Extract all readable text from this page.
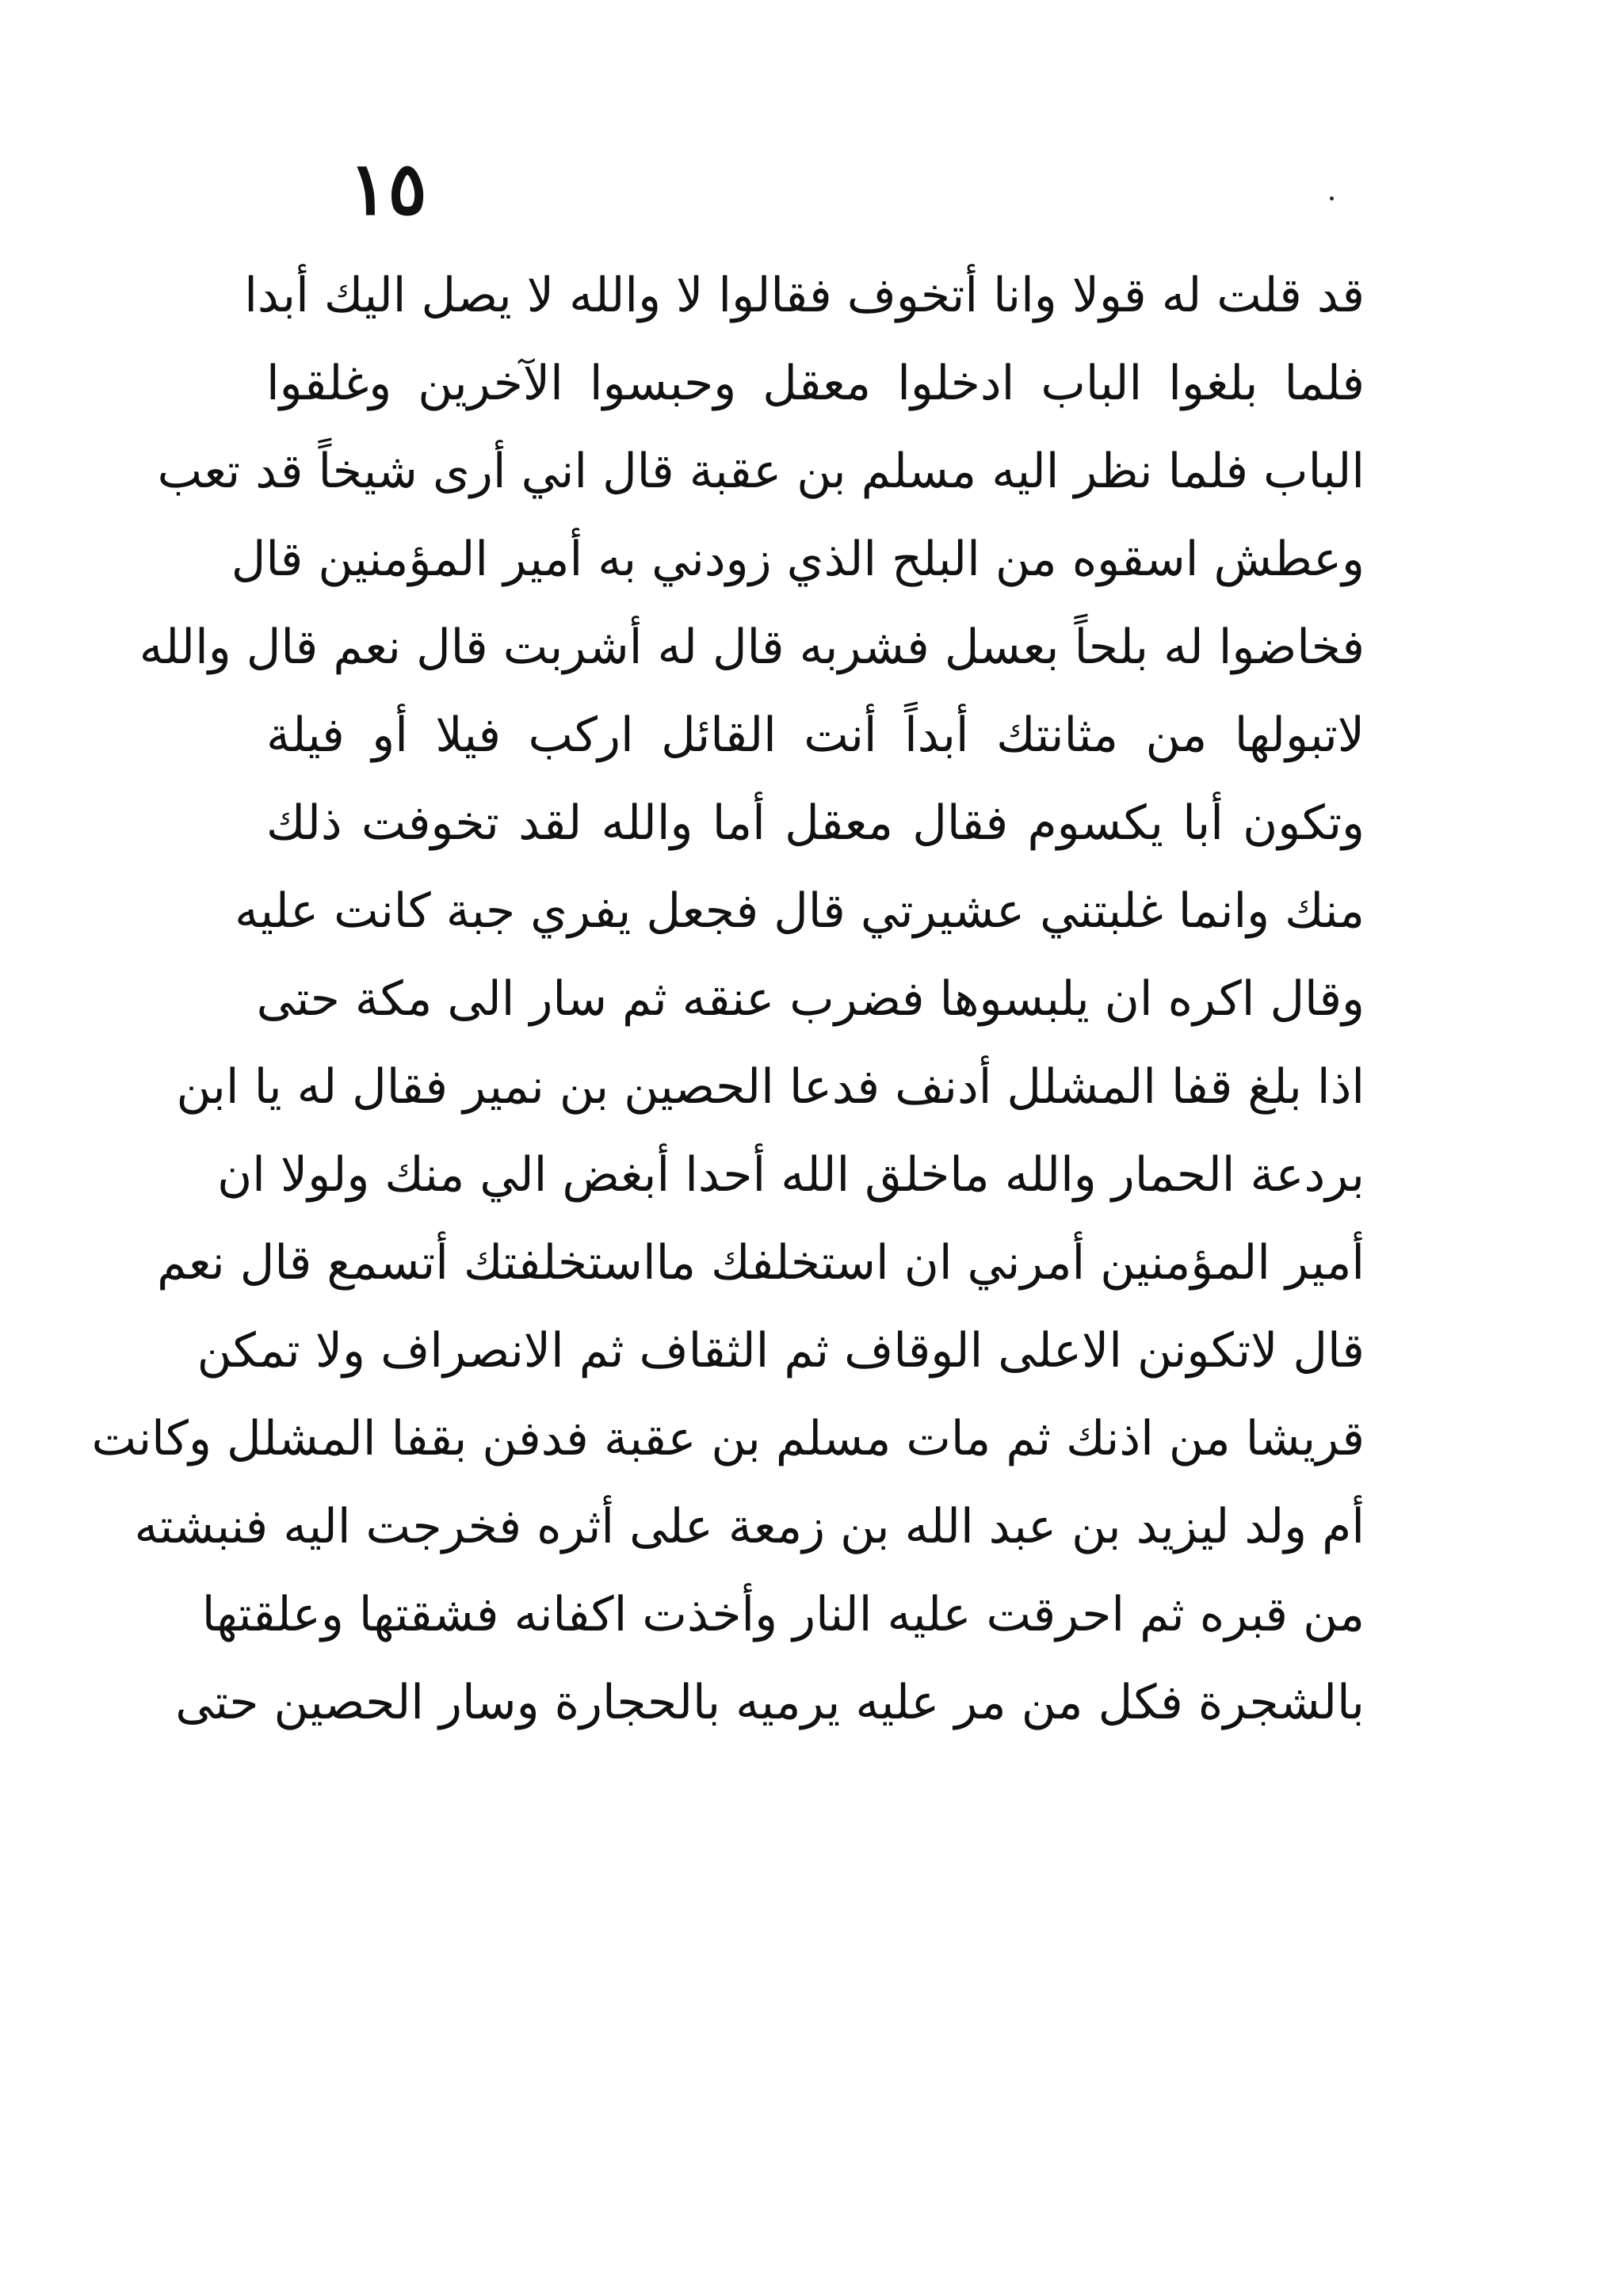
١٥
قد قلت له قولا وانا أتخوف فقالوا لا والله لا يصل اليك أبدا
فلما بلغوا الباب ادخلوا معقل وحبسوا الآخرين وغلقوا
الباب فلما نظر اليه مسلم بن عقبة قال اني أرى شيخاً قد تعب
وعطش اسقوه من البلح الذي زودني به أمير المؤمنين قال
فخاضوا له بلحاً بعسل فشربه قال له أشربت قال نعم قال والله
لاتبولها من مثانتك أبداً أنت القائل اركب فيلا أو فيلة
وتكون أبا يكسوم فقال معقل أما والله لقد تخوفت ذلك
منك وانما غلبتني عشيرتي قال فجعل يفري جبة كانت عليه
وقال اكره ان يلبسوها فضرب عنقه ثم سار الى مكة حتى
اذا بلغ قفا المشلل أدنف فدعا الحصين بن نمير فقال له يا ابن
بردعة الحمار والله ماخلق الله أحدا أبغض الي منك ولولا ان
أمير المؤمنين أمرني ان استخلفك مااستخلفتك أتسمع قال نعم
قال لاتكونن الاعلى الوقاف ثم الثقاف ثم الانصراف ولا تمكن
قريشا من اذنك ثم مات مسلم بن عقبة فدفن بقفا المشلل وكانت
أم ولد ليزيد بن عبد الله بن زمعة على أثره فخرجت اليه فنبشته
من قبره ثم احرقت عليه النار وأخذت اكفانه فشقتها وعلقتها
بالشجرة فكل من مر عليه يرميه بالحجارة وسار الحصين حتى
